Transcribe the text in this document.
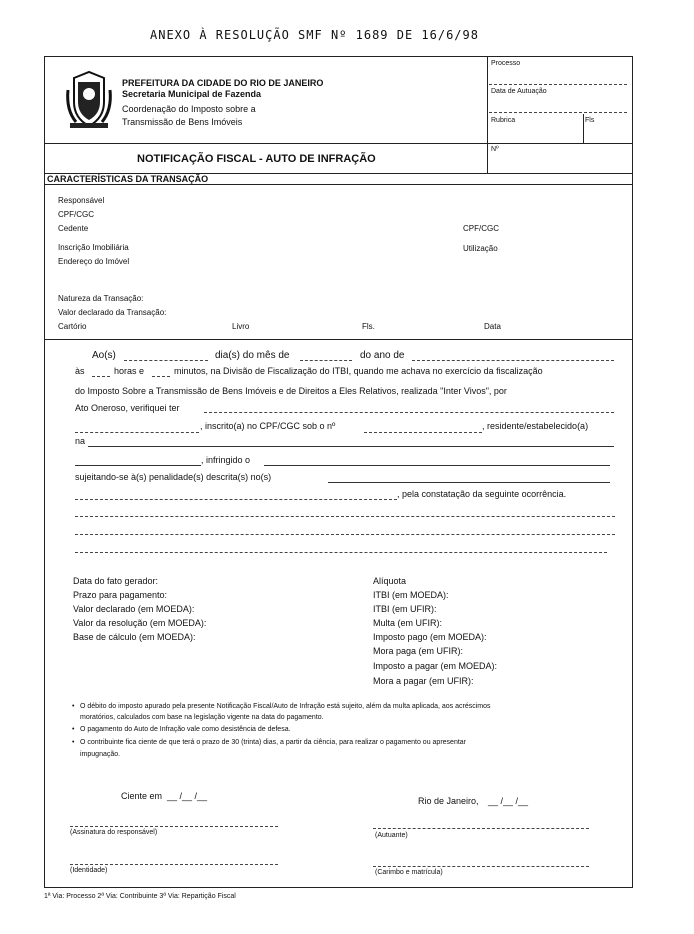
ANEXO À RESOLUÇÃO SMF Nº 1689 DE 16/6/98
Processo
Data de Autuação
Rubrica	Fls
Nº
PREFEITURA DA CIDADE DO RIO DE JANEIRO
Secretaria Municipal de Fazenda
Coordenação do Imposto sobre a
Transmissão de Bens Imóveis
NOTIFICAÇÃO FISCAL - AUTO DE INFRAÇÃO
CARACTERÍSTICAS DA TRANSAÇÃO
Responsável
CPF/CGC
Cedente	CPF/CGC
Inscrição Imobiliária	Utilização
Endereço do Imóvel
Natureza da Transação:
Valor declarado da Transação:
Cartório	Livro	Fls.	Data
Ao(s)	dia(s) do mês de	do ano de
às	horas e	minutos, na Divisão de Fiscalização do ITBI, quando me achava no exercício da fiscalização
do Imposto Sobre a Transmissão de Bens Imóveis e de Direitos a Eles Relativos, realizada "Inter Vivos", por
Ato Oneroso, verifiquei ter
, inscrito(a) no CPF/CGC sob o nº	, residente/estabelecido(a)
na
, infringido o
sujeitando-se à(s) penalidade(s) descrita(s) no(s)
, pela constatação da seguinte ocorrência.
Data do fato gerador:
Prazo para pagamento:
Valor declarado (em MOEDA):
Valor da resolução (em MOEDA):
Base de cálculo (em MOEDA):
Alíquota
ITBI (em MOEDA):
ITBI (em UFIR):
Multa (em UFIR):
Imposto pago (em MOEDA):
Mora paga (em UFIR):
Imposto a pagar (em MOEDA):
Mora a pagar (em UFIR):
• O débito do imposto apurado pela presente Notificação Fiscal/Auto de Infração está sujeito, além da multa aplicada, aos acréscimos
moratórios, calculados com base na legislação vigente na data do pagamento.
• O pagamento do Auto de Infração vale como desistência de defesa.
• O contribuinte fica ciente de que terá o prazo de 30 (trinta) dias, a partir da ciência, para realizar o pagamento ou apresentar
impugnação.
Ciente em __ /__ /__	Rio de Janeiro, __ /__ /__
(Assinatura do responsável)	(Autuante)
(Identidade)	(Carimbo e matrícula)
1ª Via: Processo 2ª Via: Contribuinte 3ª Via: Repartição Fiscal
